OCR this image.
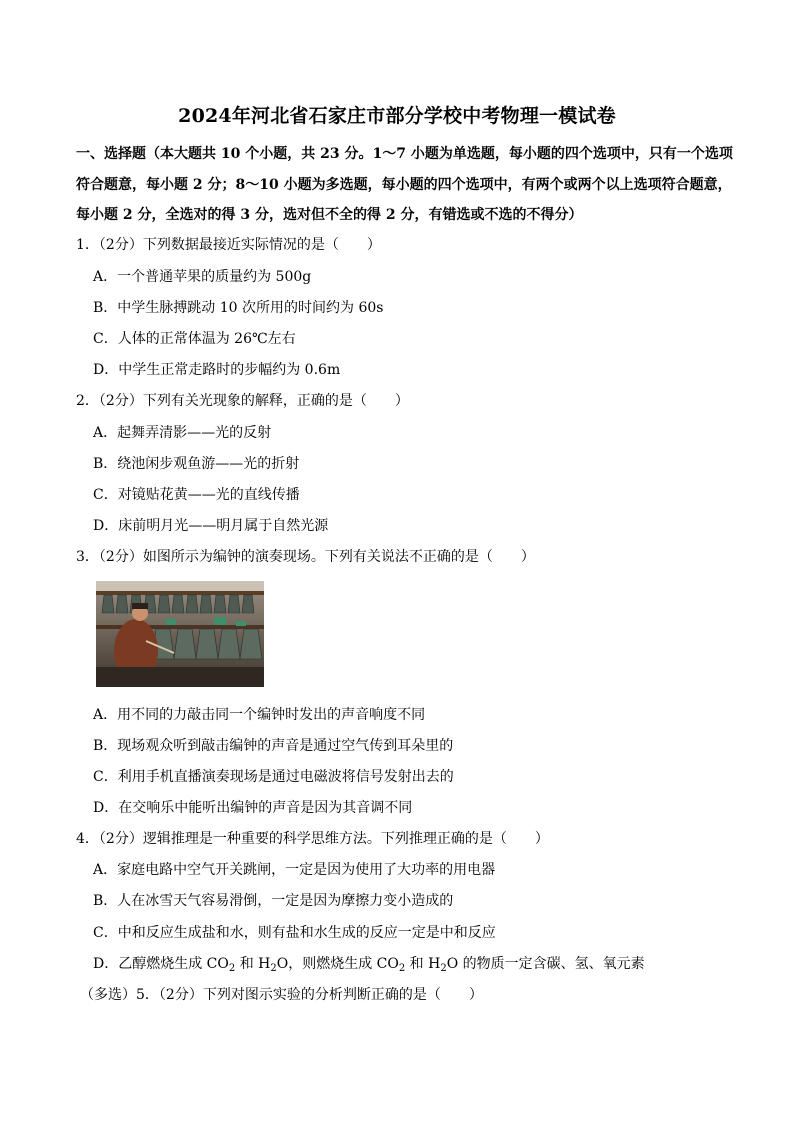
2024年河北省石家庄市部分学校中考物理一模试卷
一、选择题（本大题共 10 个小题，共 23 分。1～7 小题为单选题，每小题的四个选项中，只有一个选项
符合题意，每小题 2 分；8～10 小题为多选题，每小题的四个选项中，有两个或两个以上选项符合题意，
每小题 2 分，全选对的得 3 分，选对但不全的得 2 分，有错选或不选的不得分）
1．（2分）下列数据最接近实际情况的是（　　）
A．一个普通苹果的质量约为 500g
B．中学生脉搏跳动 10 次所用的时间约为 60s
C．人体的正常体温为 26℃左右
D．中学生正常走路时的步幅约为 0.6m
2．（2分）下列有关光现象的解释，正确的是（　　）
A．起舞弄清影——光的反射
B．绕池闲步观鱼游——光的折射
C．对镜贴花黄——光的直线传播
D．床前明月光——明月属于自然光源
3．（2分）如图所示为编钟的演奏现场。下列有关说法不正确的是（　　）
A．用不同的力敲击同一个编钟时发出的声音响度不同
B．现场观众听到敲击编钟的声音是通过空气传到耳朵里的
C．利用手机直播演奏现场是通过电磁波将信号发射出去的
D．在交响乐中能听出编钟的声音是因为其音调不同
4．（2分）逻辑推理是一种重要的科学思维方法。下列推理正确的是（　　）
A．家庭电路中空气开关跳闸，一定是因为使用了大功率的用电器
B．人在冰雪天气容易滑倒，一定是因为摩擦力变小造成的
C．中和反应生成盐和水，则有盐和水生成的反应一定是中和反应
D．乙醇燃烧生成 $CO_2$ 和 $H_2O$，则燃烧生成 $CO_2$ 和 $H_2O$ 的物质一定含碳、氢、氧元素
（多选）5．（2分）下列对图示实验的分析判断正确的是（　　）
